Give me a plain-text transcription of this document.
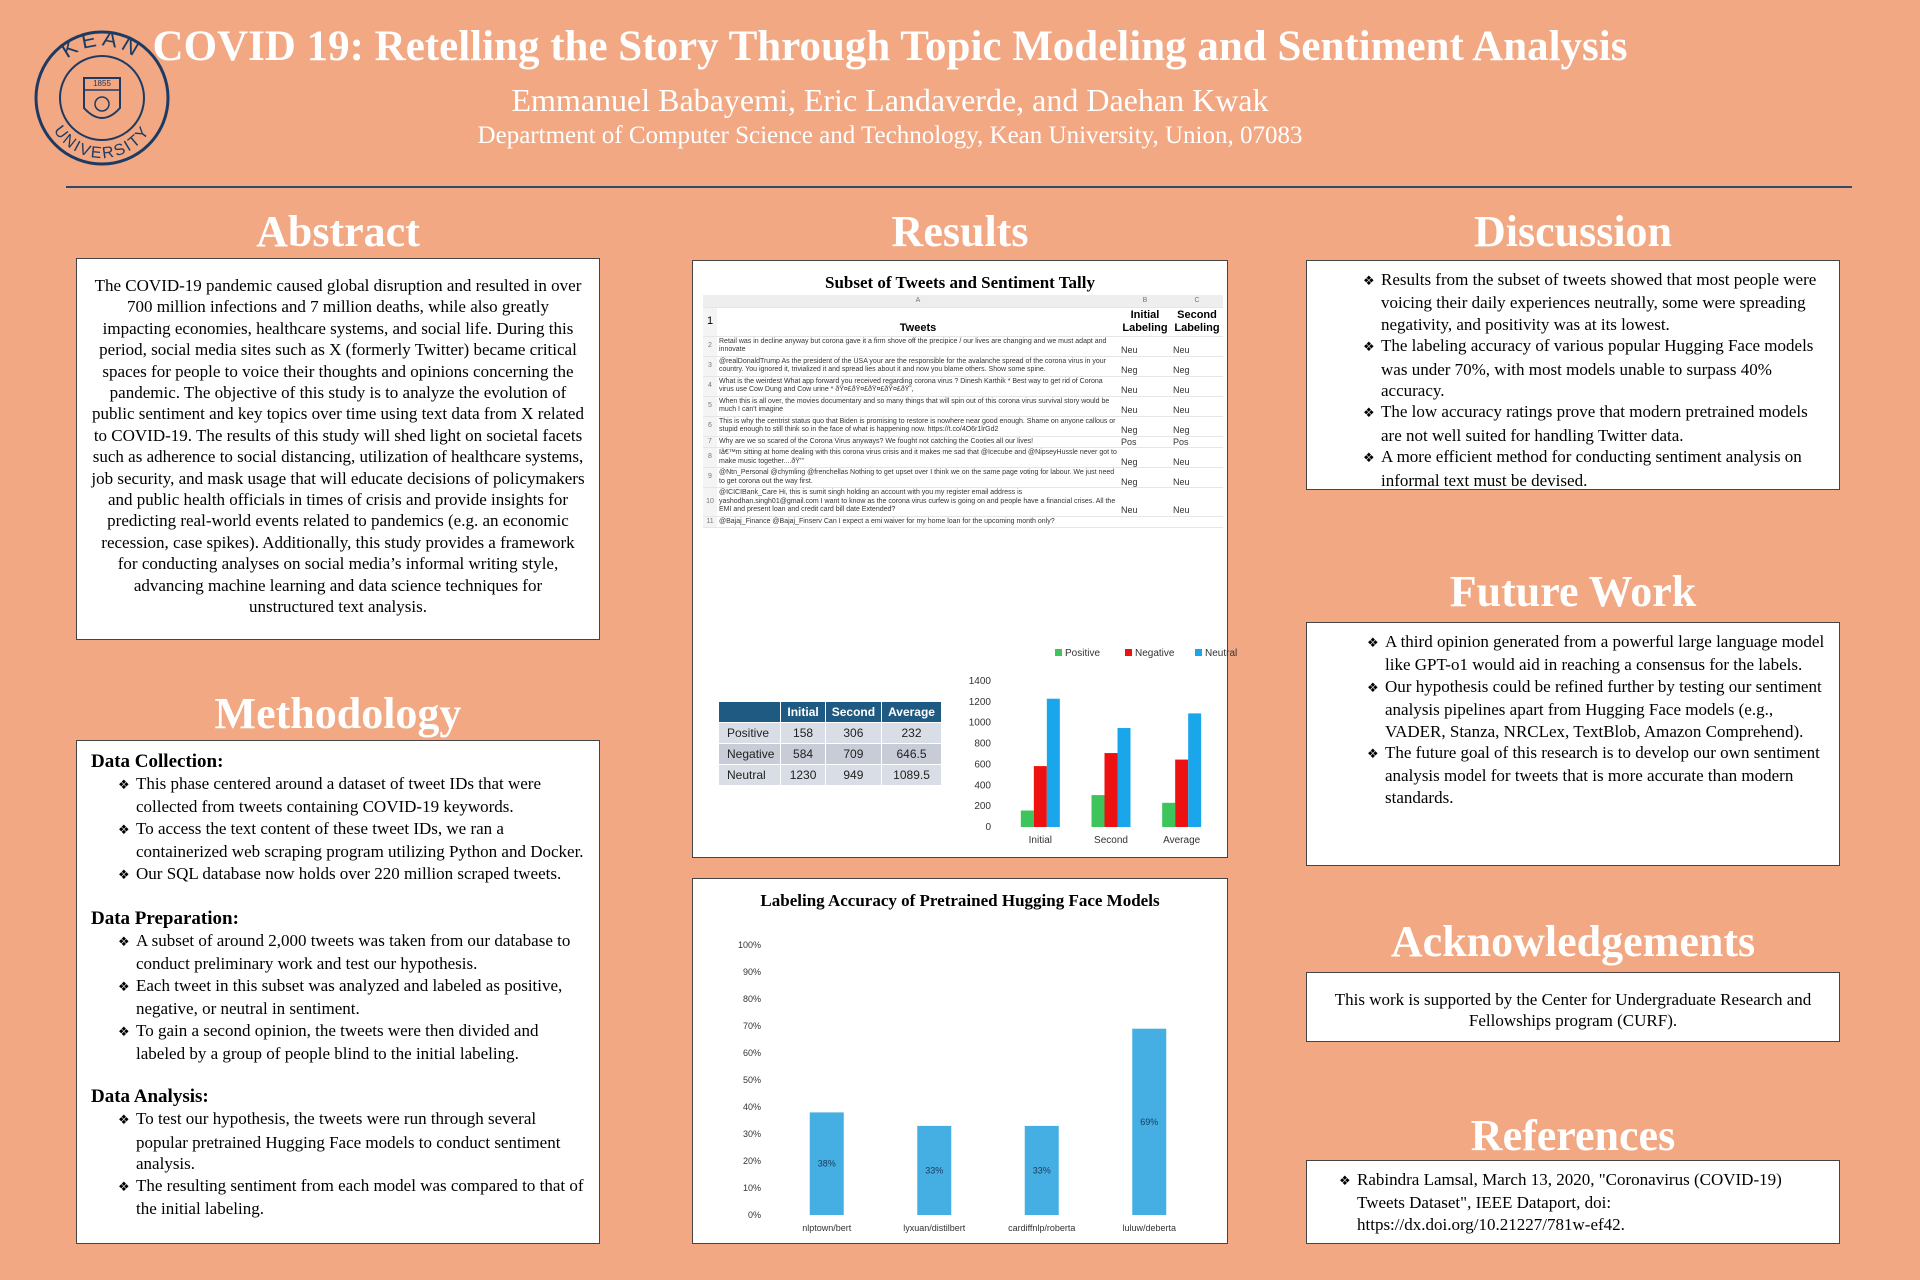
KEAN
UNIVERSITY
1855
COVID 19: Retelling the Story Through Topic Modeling and Sentiment Analysis
Emmanuel Babayemi, Eric Landaverde, and Daehan Kwak
Department of Computer Science and Technology, Kean University, Union, 07083
Abstract

The COVID-19 pandemic caused global disruption and resulted in over 700 million infections and 7 million deaths, while also greatly impacting economies, healthcare systems, and social life. During this period, social media sites such as X (formerly Twitter) became critical spaces for people to voice their thoughts and opinions concerning the pandemic. The objective of this study is to analyze the evolution of public sentiment and key topics over time using text data from X related to COVID-19. The results of this study will shed light on societal facets such as adherence to social distancing, utilization of healthcare systems, job security, and mask usage that will educate decisions of policymakers and public health officials in times of crisis and provide insights for predicting real-world events related to pandemics (e.g. an economic recession, case spikes). Additionally, this study provides a framework for conducting analyses on social media’s informal writing style, advancing machine learning and data science techniques for unstructured text analysis.

Methodology
Data Collection:
❖ This phase centered around a dataset of tweet IDs that were collected from tweets containing COVID-19 keywords.
❖ To access the text content of these tweet IDs, we ran a containerized web scraping program utilizing Python and Docker.
❖ Our SQL database now holds over 220 million scraped tweets.
Data Preparation:
❖ A subset of around 2,000 tweets was taken from our database to conduct preliminary work and test our hypothesis.
❖ Each tweet in this subset was analyzed and labeled as positive, negative, or neutral in sentiment.
❖ To gain a second opinion, the tweets were then divided and labeled by a group of people blind to the initial labeling.
Data Analysis:
❖ To test our hypothesis, the tweets were run through several popular pretrained Hugging Face models to conduct sentiment analysis.
❖ The resulting sentiment from each model was compared to that of the initial labeling.
Results
Subset of Tweets and Sentiment Tally
	A	B	C
1	Tweets	Initial Labeling	Second Labeling
2	Retail was in decline anyway but corona gave it a firm shove off the precipice / our lives are changing and we must adapt and innovate	Neu	Neu
3	@realDonaldTrump As the president of the USA your are the responsible for the avalanche spread of the corona virus in your country. You ignored it, trivialized it and spread lies about it and now you blame others. Show some spine.	Neg	Neg
4	What is the weirdest What app forward you received regarding corona virus ? Dinesh Karthik * Best way to get rid of Corona virus use Cow Dung and Cow urine * ðŸ¤£ðŸ¤£ðŸ¤£ðŸ¤£ðŸ˜‚	Neu	Neu
5	When this is all over, the movies documentary and so many things that will spin out of this corona virus survival story would be much I can't imagine	Neu	Neu
6	This is why the centrist status quo that Biden is promising to restore is nowhere near good enough. Shame on anyone callous or stupid enough to still think so in the face of what is happening now. https://t.co/4O6r1lrGd2	Neg	Neg
7	Why are we so scared of the Corona Virus anyways? We fought not catching the Cooties all our lives!	Pos	Pos
8	Iâ€™m sitting at home dealing with this corona virus crisis and it makes me sad that @Icecube and @NipseyHussle never got to make music together....ðŸ’”	Neg	Neu
9	@Ntn_Personal @chymling @frenchellas Nothing to get upset over I think we on the same page voting for labour. We just need to get corona out the way first.	Neg	Neu
10	@ICICIBank_Care Hi, this is sumit singh holding an account with you my register email address is yashodhan.singh01@gmail.com I want to know as the corona virus curfew is going on and people have a financial crises. All the EMI and present loan and credit card bill date Extended?	Neu	Neu
11	@Bajaj_Finance @Bajaj_Finserv Can I expect a emi waiver for my home loan for the upcoming month only?		
	Initial	Second	Average
Positive	158	306	232
Negative	584	709	646.5
Neutral	1230	949	1089.5
Positive	Negative	Neutral
0
200
400
600
800
1000
1200
1400
Initial	Second	Average
Labeling Accuracy of Pretrained Hugging Face Models
0%
10%
20%
30%
40%
50%
60%
70%
80%
90%
100%
38%
nlptown/bert
33%
lyxuan/distilbert
33%
cardiffnlp/roberta
69%
luluw/deberta
Discussion
❖ Results from the subset of tweets showed that most people were voicing their daily experiences neutrally, some were spreading negativity, and positivity was at its lowest.
❖ The labeling accuracy of various popular Hugging Face models was under 70%, with most models unable to surpass 40% accuracy.
❖ The low accuracy ratings prove that modern pretrained models are not well suited for handling Twitter data.
❖ A more efficient method for conducting sentiment analysis on informal text must be devised.
Future Work
❖ A third opinion generated from a powerful large language model like GPT-o1 would aid in reaching a consensus for the labels.
❖ Our hypothesis could be refined further by testing our sentiment analysis pipelines apart from Hugging Face models (e.g., VADER, Stanza, NRCLex, TextBlob, Amazon Comprehend).
❖ The future goal of this research is to develop our own sentiment analysis model for tweets that is more accurate than modern standards.
Acknowledgements

This work is supported by the Center for Undergraduate Research and Fellowships program (CURF).

References
❖ Rabindra Lamsal, March 13, 2020, "Coronavirus (COVID-19) Tweets Dataset", IEEE Dataport, doi: https://dx.doi.org/10.21227/781w-ef42.
